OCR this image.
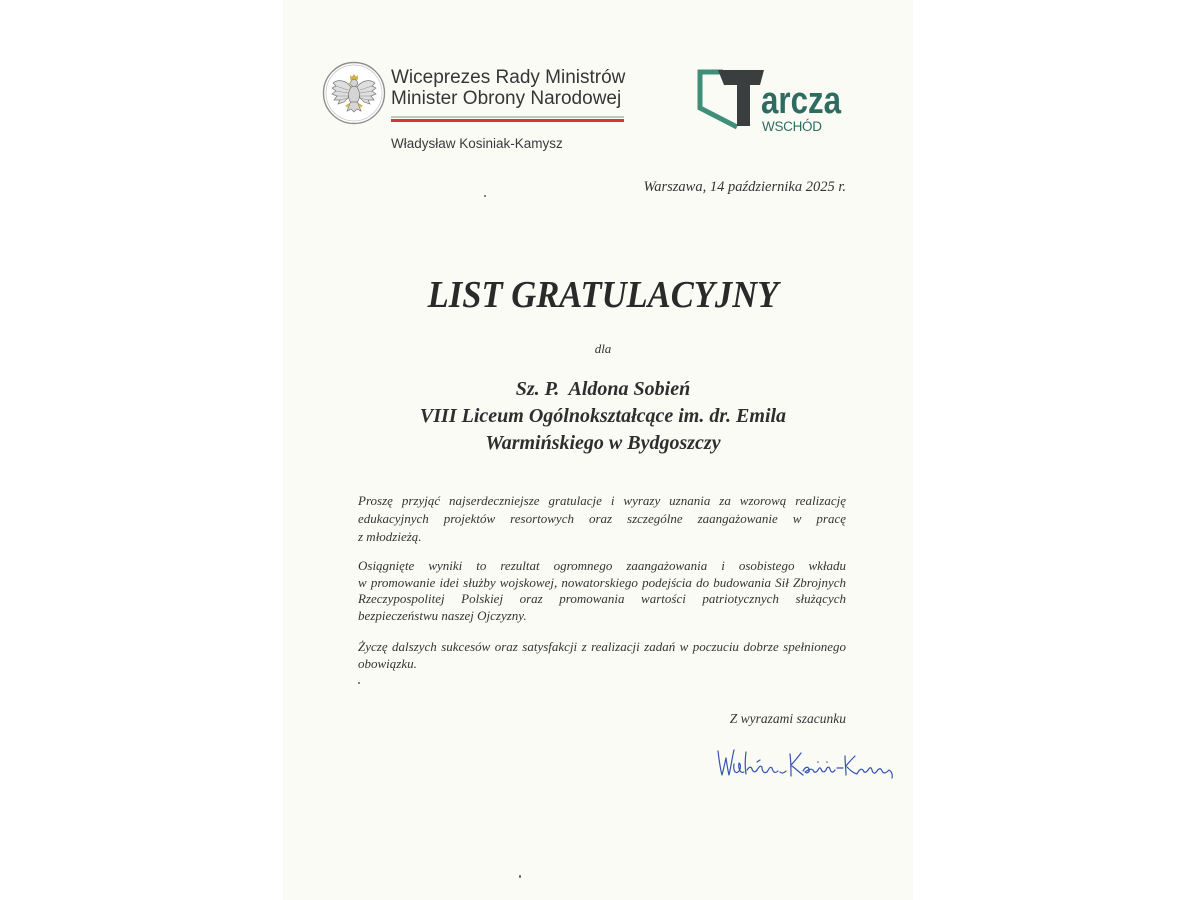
Wiceprezes Rady Ministrów
Minister Obrony Narodowej
Władysław Kosiniak-Kamysz
arcza
WSCHÓD
Warszawa, 14 października 2025 r.
LIST GRATULACYJNY
dla
Sz. P.  Aldona Sobień
VIII Liceum Ogólnokształcące im. dr. Emila
Warmińskiego w Bydgoszczy
Proszę przyjąć najserdeczniejsze gratulacje i wyrazy uznania za wzorową realizację
edukacyjnych projektów resortowych oraz szczególne zaangażowanie w pracę
z młodzieżą.
Osiągnięte wyniki to rezultat ogromnego zaangażowania i osobistego wkładu
w promowanie idei służby wojskowej, nowatorskiego podejścia do budowania Sił Zbrojnych
Rzeczypospolitej Polskiej oraz promowania wartości patriotycznych służących
bezpieczeństwu naszej Ojczyzny.
Życzę dalszych sukcesów oraz satysfakcji z realizacji zadań w poczuciu dobrze spełnionego
obowiązku.
Z wyrazami szacunku
